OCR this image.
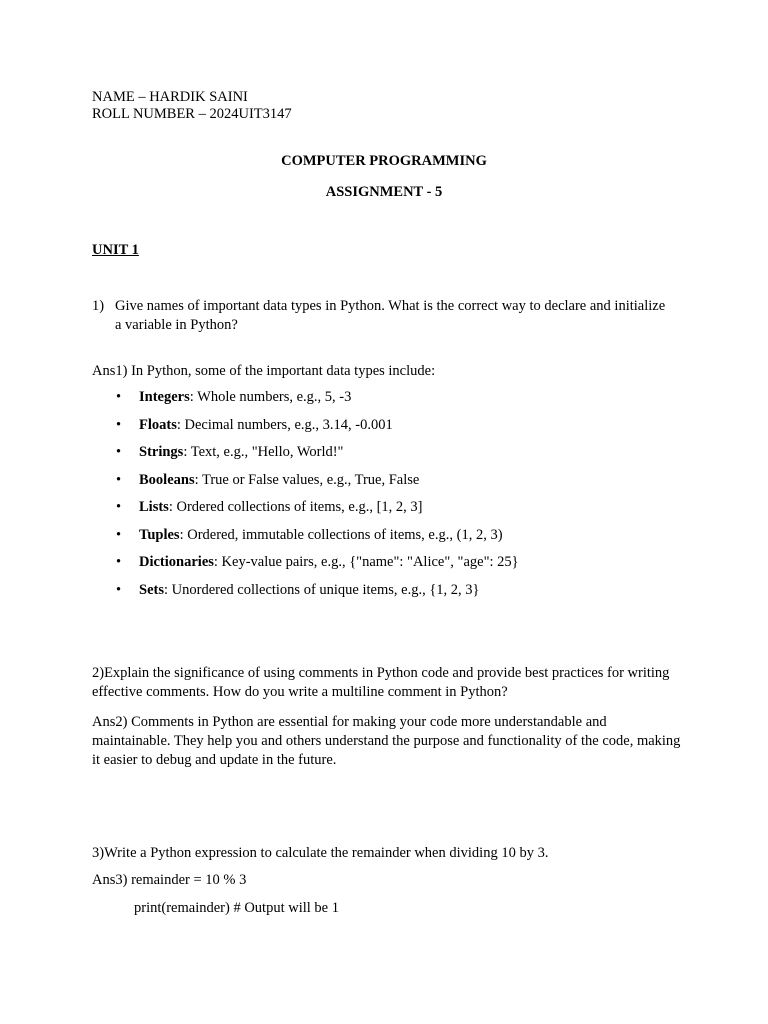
NAME – HARDIK SAINI
ROLL NUMBER – 2024UIT3147
COMPUTER PROGRAMMING
ASSIGNMENT - 5
UNIT 1
1) Give names of important data types in Python. What is the correct way to declare and initialize a variable in Python?
Ans1) In Python, some of the important data types include:
• Integers: Whole numbers, e.g., 5, -3
• Floats: Decimal numbers, e.g., 3.14, -0.001
• Strings: Text, e.g., "Hello, World!"
• Booleans: True or False values, e.g., True, False
• Lists: Ordered collections of items, e.g., [1, 2, 3]
• Tuples: Ordered, immutable collections of items, e.g., (1, 2, 3)
• Dictionaries: Key-value pairs, e.g., {"name": "Alice", "age": 25}
• Sets: Unordered collections of unique items, e.g., {1, 2, 3}
2)Explain the significance of using comments in Python code and provide best practices for writing effective comments. How do you write a multiline comment in Python?
Ans2) Comments in Python are essential for making your code more understandable and maintainable. They help you and others understand the purpose and functionality of the code, making it easier to debug and update in the future.
3)Write a Python expression to calculate the remainder when dividing 10 by 3.
Ans3) remainder = 10 % 3
print(remainder) # Output will be 1
